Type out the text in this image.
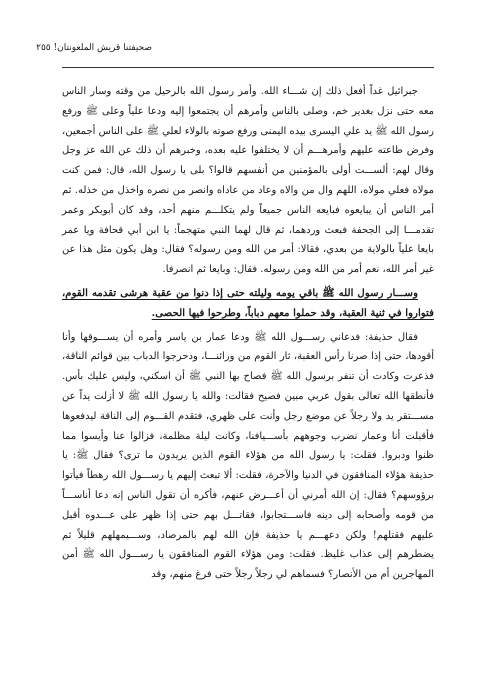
صحيفتنا قريش الملعونتان! ٢٥٥

جبرائيل غداً أفعل ذلك إن شـــاء الله. وأمر رسول الله بالرحيل من وقته وسار الناس معه حتى نزل بغدير خم، وصلى بالناس وأمرهم أن يجتمعوا إليه ودعا علياً وعلى ﷺ ورفع رسول الله ﷺ يد علي اليسرى بيده اليمنى ورفع صوته بالولاء لعلي ﷺ على الناس أجمعين، وفرض طاعته عليهم وأمرهـــم أن لا يختلفوا عليه بعده، وخبرهم أن ذلك عن الله عز وجل وقال لهم: ألســـت أولى بالمؤمنين من أنفسهم قالوا؟ بلى يا رسول الله، قال: فمن كنت مولاه فعلي مولاه، اللهم وال من والاه وعاد من عاداه وانصر من نصره واخذل من خذله. ثم أمر الناس أن يبايعوه فبايعه الناس جميعاً ولم يتكلـــم منهم أحد، وقد كان أبوبكر وعمر تقدمـــا إلى الجحفة فبعث وردهما، ثم قال لهما النبي متهجماً: يا ابن أبي قحافة ويا عمر بايعا علياً بالولاية من بعدي، فقالا: أمر من الله ومن رسوله؟ فقال: وهل يكون مثل هذا عن غير أمر الله، نعم أمر من الله ومن رسوله. فقال: وبايعا ثم انصرفا.

وســـار رسول الله ﷺ باقي يومه وليلته حتى إذا دنوا من عقبة هرشى تقدمه القوم، فتواروا في ثنية العقبة، وقد حملوا معهم دباباً، وطرحوا فيها الحصى.

فقال حذيفة: فدعاني رســـول الله ﷺ ودعا عمار بن ياسر وأمره أن يســـوقها وأنا أقودها، حتى إذا صرنا رأس العقبة، ثار القوم من ورائنـــا، ودحرجوا الدباب بين قوائم الناقة، فذعرت وكادت أن تنفر برسول الله ﷺ فصاح بها النبي ﷺ أن اسكني، وليس عليك بأس. فأنطقها الله تعالى بقول عربي مبين فصيح فقالت: والله يا رسول الله ﷺ لا أزلت يداً عن مســـتقر يد ولا رجلاً عن موضع رجل وأنت على ظهري، فتقدم القـــوم إلى الناقة ليدفعوها فأقبلت أنا وعمار نضرب وجوههم بأســـيافنا، وكانت ليلة مظلمة، فزالوا عنا وأيسوا مما ظنوا ودبروا. فقلت: يا رسول الله من هؤلاء القوم الذين يريدون ما ترى؟ فقال ﷺ: يا حذيفة هؤلاء المنافقون في الدنيا والآخرة، فقلت: ألا تبعث إليهم يا رســـول الله رهطاً فيأتوا برؤوسهم؟ فقال: إن الله أمرني أن أعـــرض عنهم، فأكره أن تقول الناس إنه دعا أناســـاً من قومه وأصحابه إلى دينه فاســـتجابوا، فقاتـــل بهم حتى إذا ظهر على عـــدوه أقبل عليهم فقتلهم! ولكن دعهـــم يا حذيفة فإن الله لهم بالمرصاد، وســـيمهلهم قليلاً ثم يضطرهم إلى عذاب غليظ. فقلت: ومن هؤلاء القوم المنافقون يا رســـول الله ﷺ أمن المهاجرين أم من الأنصار؟ فسماهم لي رجلاً رجلاً حتى فرغ منهم، وقد
